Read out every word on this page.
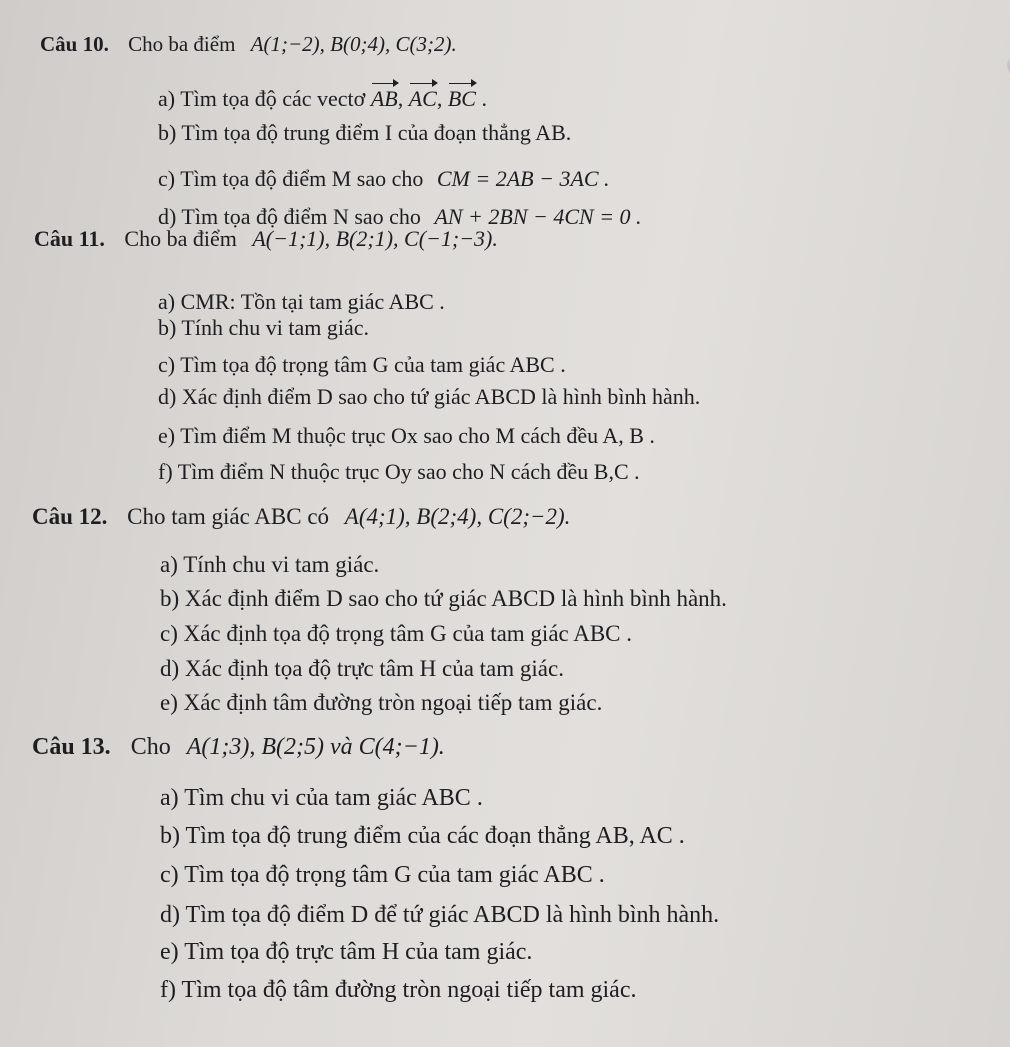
Câu 10. Cho ba điểm A(1;−2), B(0;4), C(3;2).
a) Tìm tọa độ các vectơ AB, AC, BC .
b) Tìm tọa độ trung điểm I của đoạn thẳng AB.
c) Tìm tọa độ điểm M sao cho CM = 2AB − 3AC .
d) Tìm tọa độ điểm N sao cho AN + 2BN − 4CN = 0 .
Câu 11. Cho ba điểm A(−1;1), B(2;1), C(−1;−3).
a) CMR: Tồn tại tam giác ABC .
b) Tính chu vi tam giác.
c) Tìm tọa độ trọng tâm G của tam giác ABC .
d) Xác định điểm D sao cho tứ giác ABCD là hình bình hành.
e) Tìm điểm M thuộc trục Ox sao cho M cách đều A, B .
f) Tìm điểm N thuộc trục Oy sao cho N cách đều B,C .
Câu 12. Cho tam giác ABC có A(4;1), B(2;4), C(2;−2).
a) Tính chu vi tam giác.
b) Xác định điểm D sao cho tứ giác ABCD là hình bình hành.
c) Xác định tọa độ trọng tâm G của tam giác ABC .
d) Xác định tọa độ trực tâm H của tam giác.
e) Xác định tâm đường tròn ngoại tiếp tam giác.
Câu 13. Cho A(1;3), B(2;5) và C(4;−1).
a) Tìm chu vi của tam giác ABC .
b) Tìm tọa độ trung điểm của các đoạn thẳng AB, AC .
c) Tìm tọa độ trọng tâm G của tam giác ABC .
d) Tìm tọa độ điểm D để tứ giác ABCD là hình bình hành.
e) Tìm tọa độ trực tâm H của tam giác.
f) Tìm tọa độ tâm đường tròn ngoại tiếp tam giác.
